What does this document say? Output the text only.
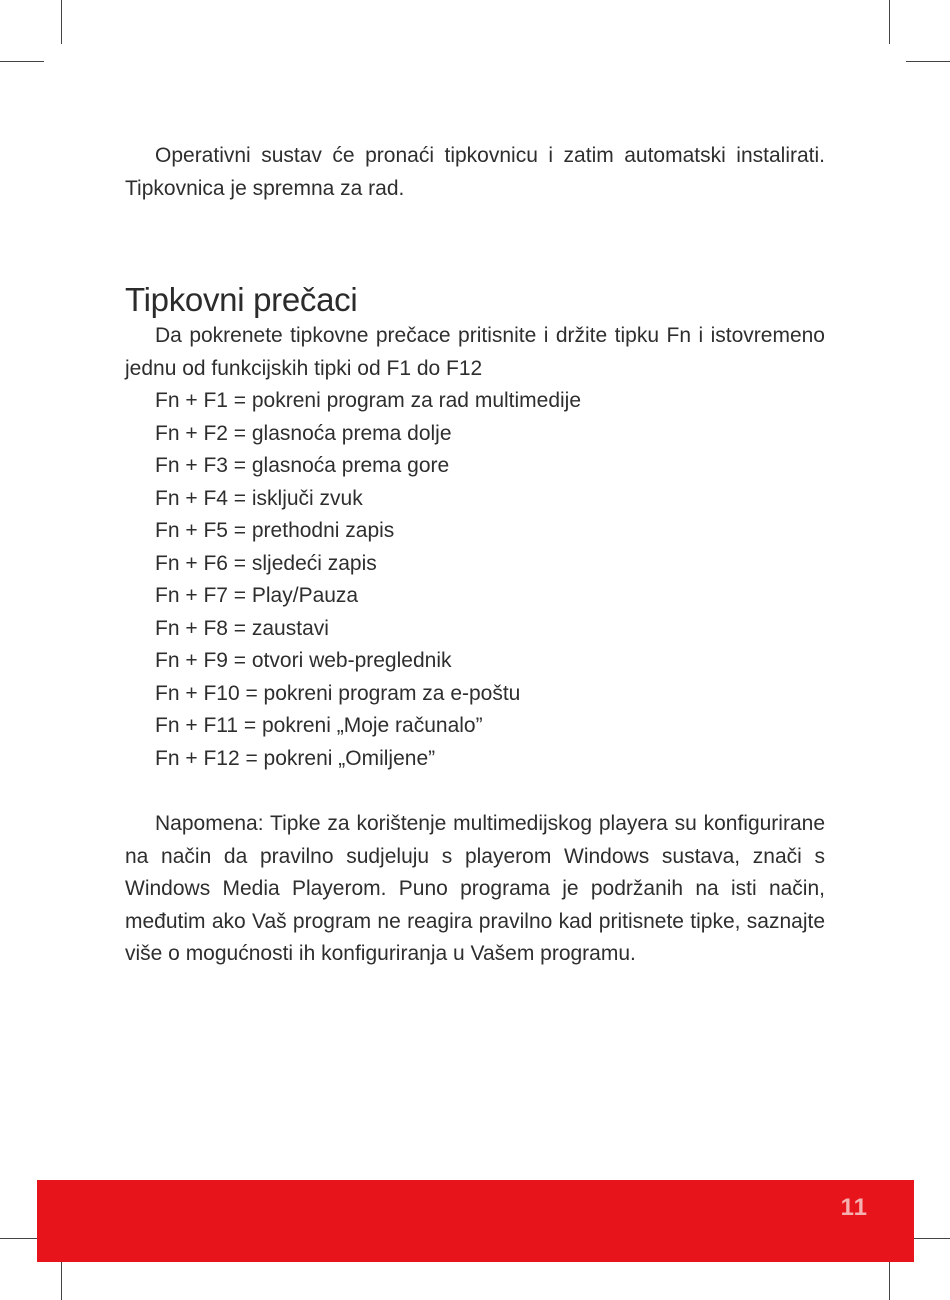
Operativni sustav će pronaći tipkovnicu i zatim automatski instalirati. Tipkovnica je spremna za rad.

Tipkovni prečaci

Da pokrenete tipkovne prečace pritisnite i držite tipku Fn i istovremeno jednu od funkcijskih tipki od F1 do F12

Fn + F1 = pokreni program za rad multimedije
Fn + F2 = glasnoća prema dolje
Fn + F3 = glasnoća prema gore
Fn + F4 = isključi zvuk
Fn + F5 = prethodni zapis
Fn + F6 = sljedeći zapis
Fn + F7 = Play/Pauza
Fn + F8 = zaustavi
Fn + F9 = otvori web-preglednik
Fn + F10 = pokreni program za e-poštu
Fn + F11 = pokreni „Moje računalo”
Fn + F12 = pokreni „Omiljene”

Napomena: Tipke za korištenje multimedijskog playera su konfigurirane na način da pravilno sudjeluju s playerom Windows sustava, znači s Windows Media Playerom. Puno programa je podržanih na isti način, međutim ako Vaš program ne reagira pravilno kad pritisnete tipke, saznajte više o mogućnosti ih konfiguriranja u Vašem programu.

11
